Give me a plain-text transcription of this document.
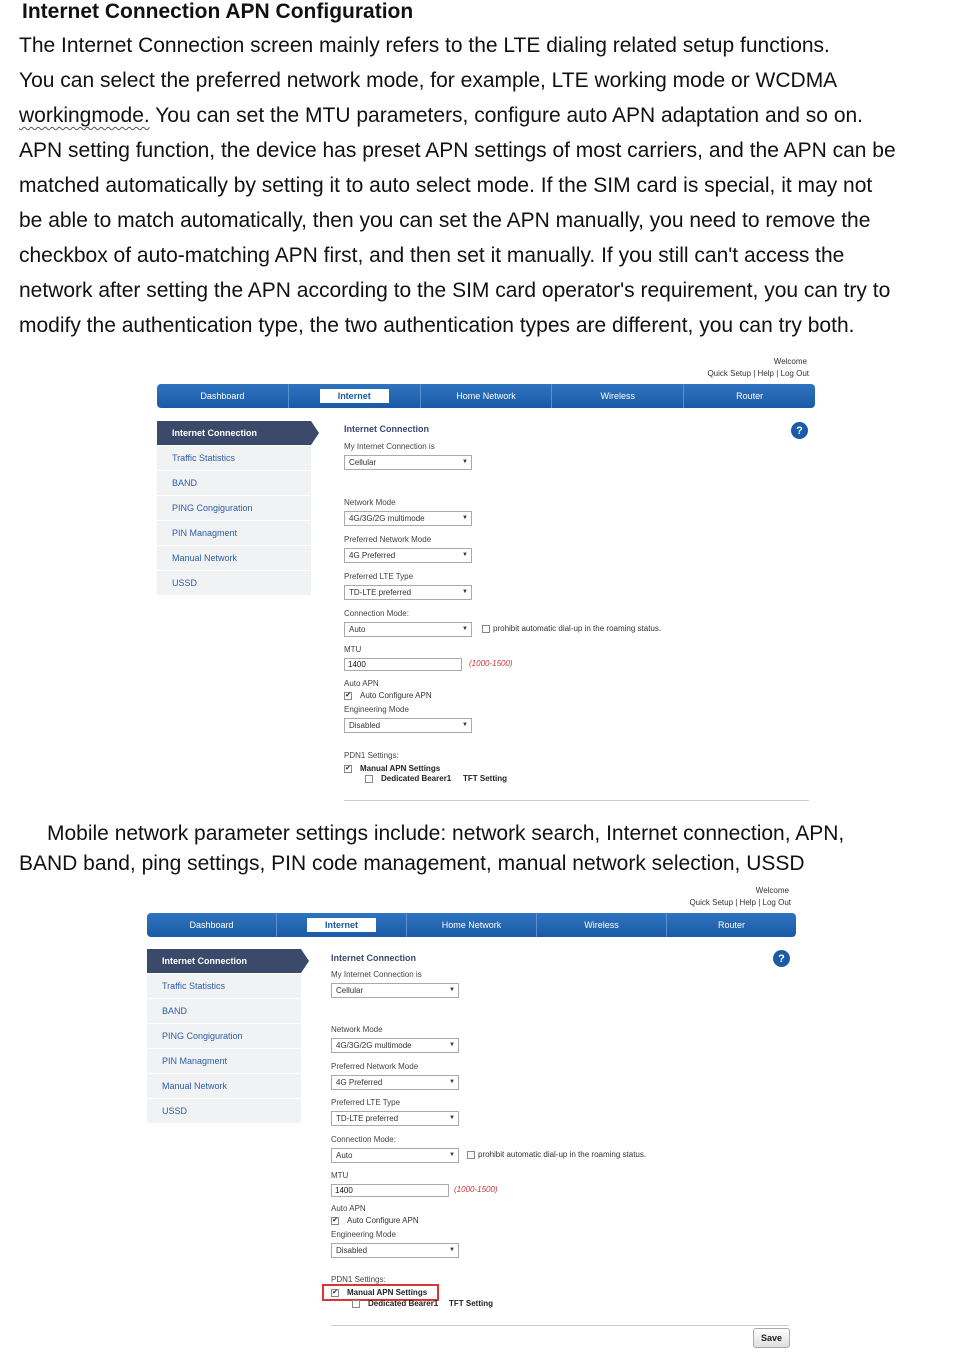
Internet Connection APN Configuration
The Internet Connection screen mainly refers to the LTE dialing related setup functions.
You can select the preferred network mode, for example, LTE working mode or WCDMA
workingmode. You can set the MTU parameters, configure auto APN adaptation and so on.
APN setting function, the device has preset APN settings of most carriers, and the APN can be
matched automatically by setting it to auto select mode. If the SIM card is special, it may not
be able to match automatically, then you can set the APN manually, you need to remove the
checkbox of auto-matching APN first, and then set it manually. If you still can't access the
network after setting the APN according to the SIM card operator's requirement, you can try to
modify the authentication type, the two authentication types are different, you can try both.
Welcome
Quick Setup | Help | Log Out
Dashboard	Internet	Home Network	Wireless	Router
Internet Connection
Traffic Statistics
BAND
PING Congiguration
PIN Managment
Manual Network
USSD
?
Internet Connection
My Internet Connection is
Cellular ▼
Network Mode
4G/3G/2G multimode ▼
Preferred Network Mode
4G Preferred ▼
Preferred LTE Type
TD-LTE preferred ▼
Connection Mode:
Auto ▼	prohibit automatic dial-up in the roaming status.
MTU
1400	(1000-1500)
Auto APN
✔ Auto Configure APN
Engineering Mode
Disabled ▼
PDN1 Settings:
✔ Manual APN Settings
Dedicated Bearer1 TFT Setting
Mobile network parameter settings include: network search, Internet connection, APN,
BAND band, ping settings, PIN code management, manual network selection, USSD
Welcome
Quick Setup | Help | Log Out
Dashboard	Internet	Home Network	Wireless	Router
Internet Connection
Traffic Statistics
BAND
PING Congiguration
PIN Managment
Manual Network
USSD
?
Internet Connection
My Internet Connection is
Cellular ▼
Network Mode
4G/3G/2G multimode ▼
Preferred Network Mode
4G Preferred ▼
Preferred LTE Type
TD-LTE preferred ▼
Connection Mode:
Auto ▼	prohibit automatic dial-up in the roaming status.
MTU
1400	(1000-1500)
Auto APN
✔ Auto Configure APN
Engineering Mode
Disabled ▼
PDN1 Settings:
✔ Manual APN Settings
Dedicated Bearer1 TFT Setting
Save
